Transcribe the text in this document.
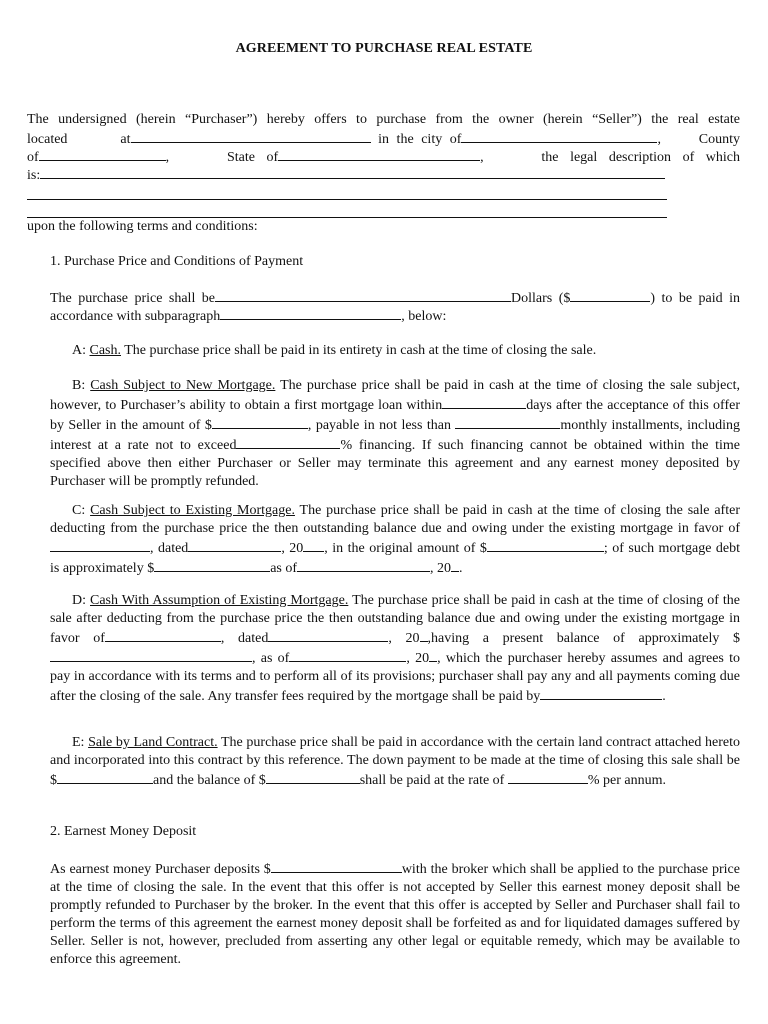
AGREEMENT TO PURCHASE REAL ESTATE

The undersigned (herein “Purchaser”) hereby offers to purchase from the owner (herein “Seller”) the real estate

located	at	in the city of	,     County

of	,     State of	,     the legal description of which

is:

upon the following terms and conditions:

1. Purchase Price and Conditions of Payment

The purchase price shall be	Dollars ($	) to be paid in

accordance with subparagraph	, below:

A: Cash. The purchase price shall be paid in its entirety in cash at the time of closing the sale.

B: Cash Subject to New Mortgage. The purchase price shall be paid in cash at the time of closing the sale subject, however, to Purchaser’s ability to obtain a first mortgage loan within	days after the acceptance of this offer by Seller in the amount of $	, payable in not less than	monthly installments, including interest at a rate not to exceed	% financing. If such financing cannot be obtained within the time specified above then either Purchaser or Seller may terminate this agreement and any earnest money deposited by Purchaser will be promptly refunded.

C: Cash Subject to Existing Mortgage. The purchase price shall be paid in cash at the time of closing the sale after deducting from the purchase price the then outstanding balance due and owing under the existing mortgage in favor of, dated	, 20 , in the original amount of $	; of such mortgage debt is approximately $	as of	, 20 .

D: Cash With Assumption of Existing Mortgage. The purchase price shall be paid in cash at the time of closing of the sale after deducting from the purchase price the then outstanding balance due and owing under the existing mortgage in favor of	, dated	, 20 ,having a present balance of approximately $, as of	, 20 , which the purchaser hereby assumes and agrees to pay in accordance with its terms and to perform all of its provisions; purchaser shall pay any and all payments coming due after the closing of the sale. Any transfer fees required by the mortgage shall be paid by	.

E: Sale by Land Contract. The purchase price shall be paid in accordance with the certain land contract attached hereto and incorporated into this contract by this reference. The down payment to be made at the time of closing this sale shall be $	and the balance of $	shall be paid at the rate of	% per annum.

2. Earnest Money Deposit

As earnest money Purchaser deposits $	with the broker which shall be applied to the purchase price at the time of closing the sale. In the event that this offer is not accepted by Seller this earnest money deposit shall be promptly refunded to Purchaser by the broker. In the event that this offer is accepted by Seller and Purchaser shall fail to perform the terms of this agreement the earnest money deposit shall be forfeited as and for liquidated damages suffered by Seller. Seller is not, however, precluded from asserting any other legal or equitable remedy, which may be available to enforce this agreement.
